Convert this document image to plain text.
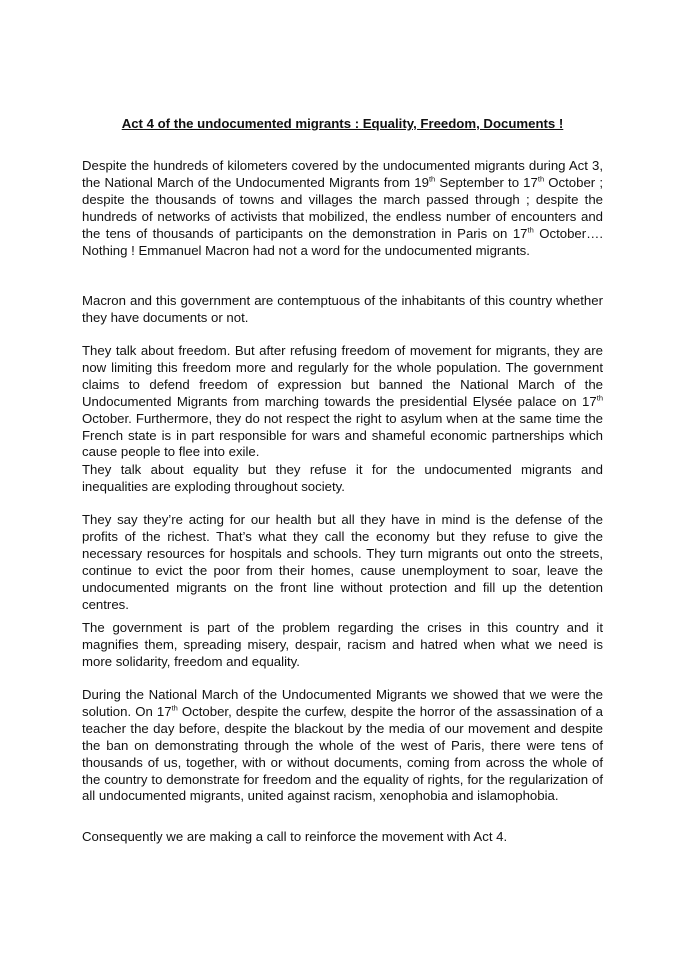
Act 4 of the undocumented migrants : Equality, Freedom, Documents !

Despite the hundreds of kilometers covered by the undocumented migrants during Act 3, the National March of the Undocumented Migrants from 19th September to 17th October ; despite the thousands of towns and villages the march passed through ; despite the hundreds of networks of activists that mobilized, the endless number of encounters and the tens of thousands of participants on the demonstration in Paris on 17th October…. Nothing ! Emmanuel Macron had not a word for the undocumented migrants.

Macron and this government are contemptuous of the inhabitants of this country whether they have documents or not.

They talk about freedom. But after refusing freedom of movement for migrants, they are now limiting this freedom more and regularly for the whole population. The government claims to defend freedom of expression but banned the National March of the Undocumented Migrants from marching towards the presidential Elysée palace on 17th October. Furthermore, they do not respect the right to asylum when at the same time the French state is in part responsible for wars and shameful economic partnerships which cause people to flee into exile.

They talk about equality but they refuse it for the undocumented migrants and inequalities are exploding throughout society.

They say they’re acting for our health but all they have in mind is the defense of the profits of the richest. That’s what they call the economy but they refuse to give the necessary resources for hospitals and schools. They turn migrants out onto the streets, continue to evict the poor from their homes, cause unemployment to soar, leave the undocumented migrants on the front line without protection and fill up the detention centres.

The government is part of the problem regarding the crises in this country and it magnifies them, spreading misery, despair, racism and hatred when what we need is more solidarity, freedom and equality.

During the National March of the Undocumented Migrants we showed that we were the solution. On 17th October, despite the curfew, despite the horror of the assassination of a teacher the day before, despite the blackout by the media of our movement and despite the ban on demonstrating through the whole of the west of Paris, there were tens of thousands of us, together, with or without documents, coming from across the whole of the country to demonstrate for freedom and the equality of rights, for the regularization of all undocumented migrants, united against racism, xenophobia and islamophobia.

Consequently we are making a call to reinforce the movement with Act 4.
